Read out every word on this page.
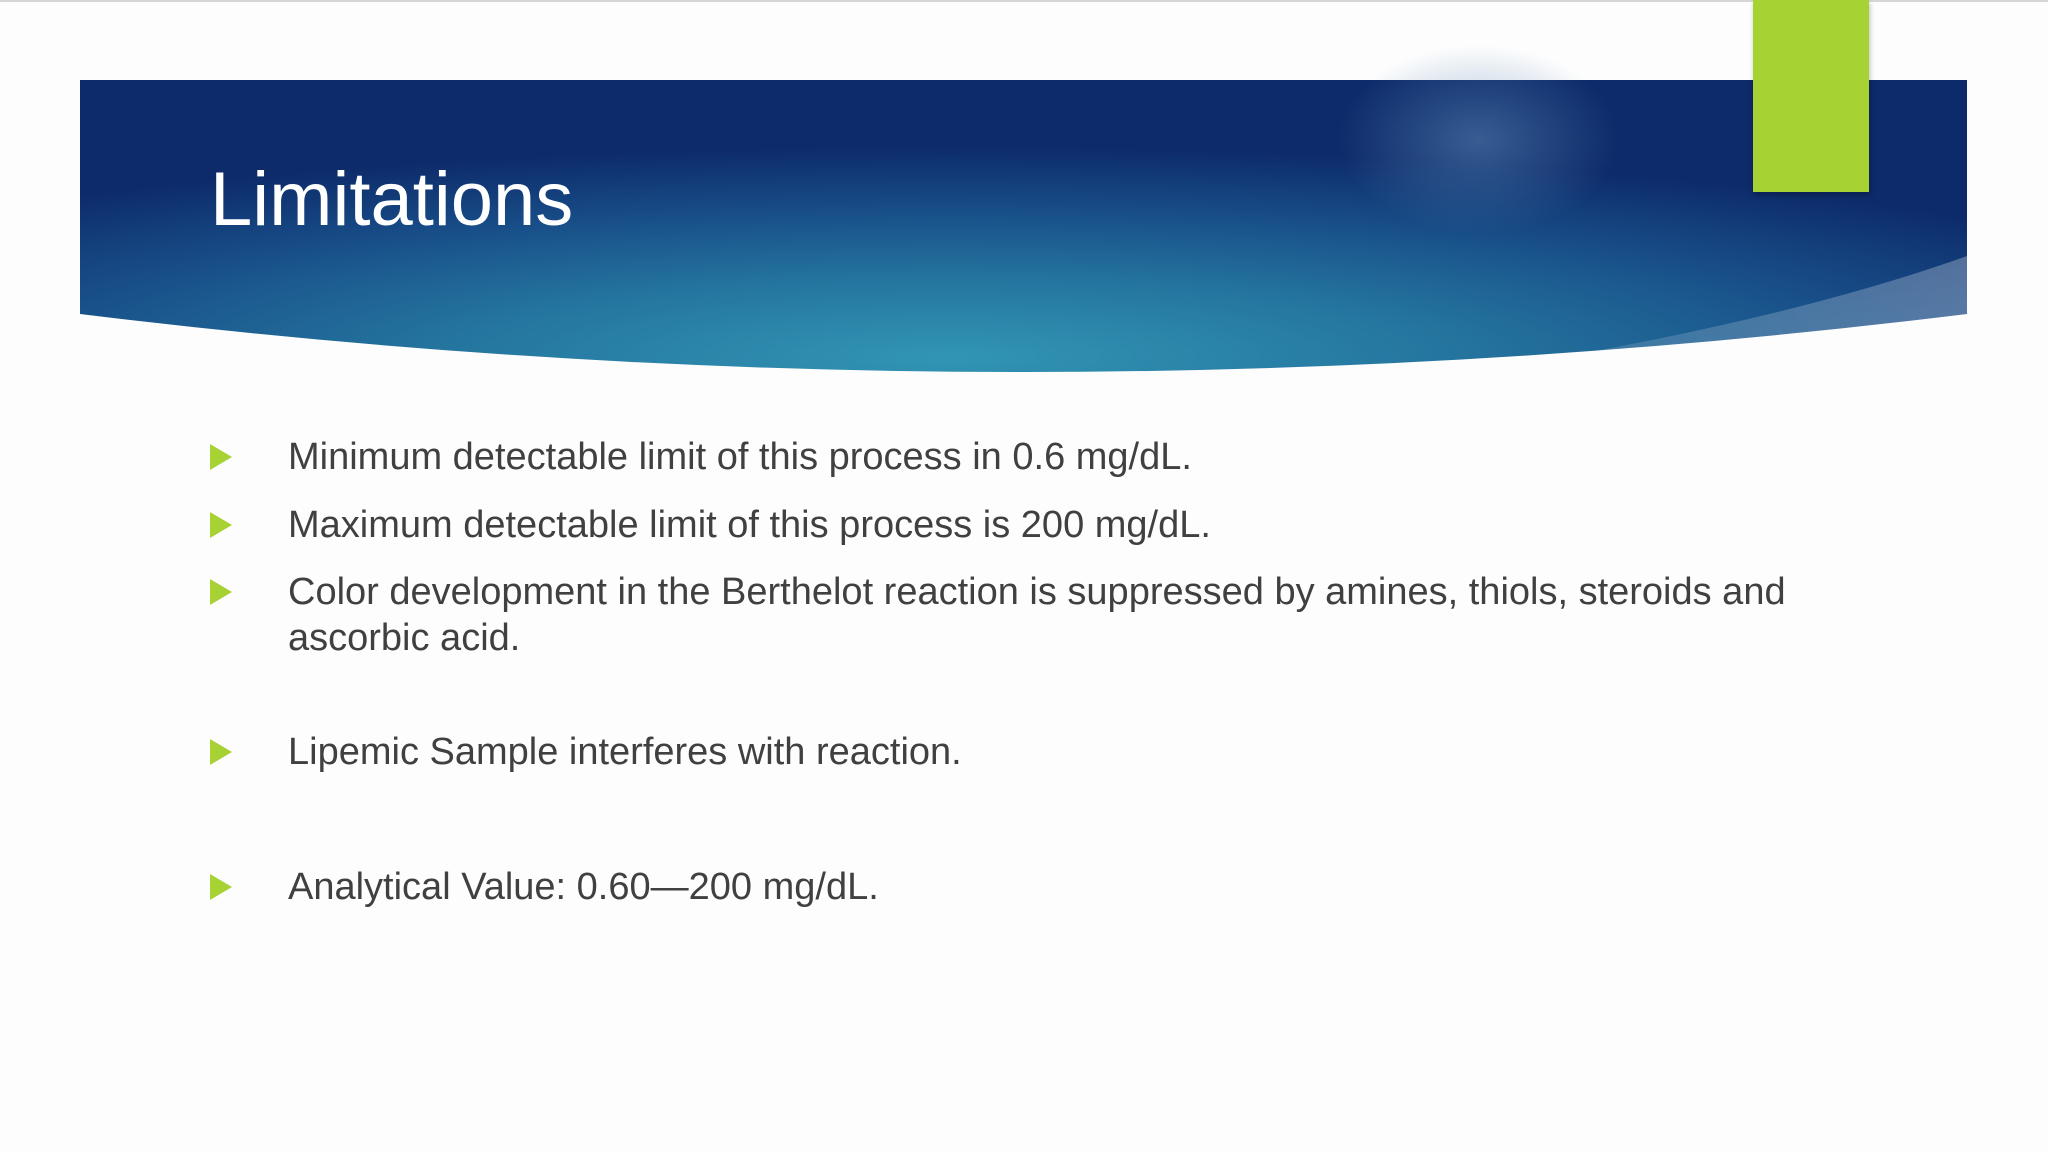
Limitations
Minimum detectable limit of this process in 0.6 mg/dL.
Maximum detectable limit of this process is 200 mg/dL.
Color development in the Berthelot reaction is suppressed by amines, thiols, steroids and ascorbic acid.
Lipemic Sample interferes with reaction.
Analytical Value: 0.60—200 mg/dL.
